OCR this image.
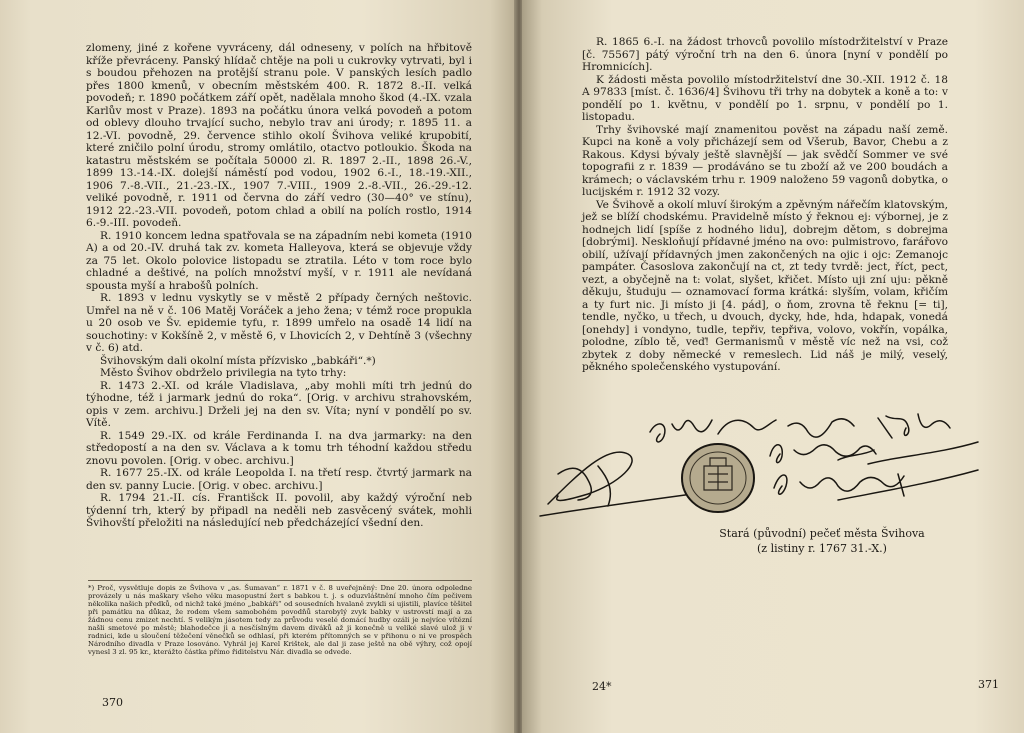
zlomeny, jiné z kořene vyvráceny, dál odneseny, v polích na hřbitově kříže převráceny. Panský hlídač chtěje na poli u cukrovky vytrvati, byl i s boudou přehozen na protější stranu pole. V panských lesích padlo přes 1800 kmenů, v obecním městském 400. R. 1872 8.-II. velká povodeň; r. 1890 počátkem září opět, nadělala mnoho škod (4.-IX. vzala Karlův most v Praze). 1893 na počátku února velká povodeň a potom od oblevy dlouho trvající sucho, nebylo trav ani úrody; r. 1895 11. a 12.-VI. povodně, 29. července stihlo okolí Švihova veliké krupobití, které zničilo polní úrodu, stromy omlátilo, otactvo potloukio. Škoda na katastru městském se počítala 50000 zl. R. 1897 2.-II., 1898 26.-V., 1899 13.-14.-IX. dolejší náměstí pod vodou, 1902 6.-I., 18.-19.-XII., 1906 7.-8.-VII., 21.-23.-IX., 1907 7.-VIII., 1909 2.-8.-VII., 26.-29.-12. veliké povodně, r. 1911 od června do září vedro (30—40° ve stínu), 1912 22.-23.-VII. povodeň, potom chlad a obilí na polích rostlo, 1914 6.-9.-III. povodeň.

R. 1910 koncem ledna spatřovala se na západním nebi kometa (1910 A) a od 20.-IV. druhá tak zv. kometa Halleyova, která se objevuje vždy za 75 let. Okolo polovice listopadu se ztratila. Léto v tom roce bylo chladné a deštivé, na polích množství myší, v r. 1911 ale nevídaná spousta myší a hrabošů polních.

R. 1893 v lednu vyskytly se v městě 2 případy černých neštovic. Umřel na ně v č. 106 Matěj Voráček a jeho žena; v témž roce propukla u 20 osob ve Šv. epidemie tyfu, r. 1899 umřelo na osadě 14 lidí na souchotiny: v Kokšíně 2, v městě 6, v Lhovicích 2, v Dehtíně 3 (všechny v č. 6) atd.

Švihovským dali okolní místa přízvisko „babkáři“.*)

Město Švihov obdrželo privilegia na tyto trhy:

R. 1473 2.-XI. od krále Vladislava, „aby mohli míti trh jednú do týhodne, též i jarmark jednú do roka“. [Orig. v archivu strahovském, opis v zem. archivu.] Drželi jej na den sv. Víta; nyní v pondělí po sv. Vítě.

R. 1549 29.-IX. od krále Ferdinanda I. na dva jarmarky: na den středopostí a na den sv. Václava a k tomu trh téhodní každou středu znovu povolen. [Orig. v obec. archivu.]

R. 1677 25.-IX. od krále Leopolda I. na třetí resp. čtvrtý jarmark na den sv. panny Lucie. [Orig. v obec. archivu.]

R. 1794 21.-II. cís. Františck II. povolil, aby každý výroční neb týdenní trh, který by připadl na neděli neb zasvěcený svátek, mohli Švihovští přeložiti na následující neb předcházející všední den.

*) Proč, vysvětluje dopis ze Švihova v „as. Šumavan“ r. 1871 v č. 8 uveřejněný: Dne 20. února odpoledne provázely u nás maškary všeho věku masopustní žert s babkou t. j. s oduzvláštnění mnoho čím pečivem několika našich předků, od nichž také jméno „babkáři“ od sousedních hvalaně zvykli si ujistili, plavíce těšitel při památku na důkaz, že rodem všem samobohém povodňů starobylý zvyk babky v ustrovstí mají a za žádnou cenu zmizet nechtí. S velikým jásotem tedy za průvodu veselé domácí hudby ozáli je nejvíce vítězní našli smetové po městě; blahodečce ji a nesčíslným davem diváků až ji konečně u veliké slavé ulož ji v radnici, kde u sloučení těžečení věnečků se odhlasí, při kterém přítomných se v přihonu o ni ve prospěch Národního divadla v Praze losováno. Vyhrál jej Karel Krištek, ale dal ji zase ještě na obě výhry, což opojí vynesl 3 zl. 95 kr., kterážto částka přímo řiditelstvu Nár. divadla se odvede.
370

R. 1865 6.-I. na žádost trhovců povolilo místodržitelství v Praze [č. 75567] pátý výroční trh na den 6. února [nyní v pondělí po Hromnicích].

K žádosti města povolilo místodržitelství dne 30.-XII. 1912 č. 18 A 97833 [míst. č. 1636/4] Švihovu tři trhy na dobytek a koně a to: v pondělí po 1. květnu, v pondělí po 1. srpnu, v pondělí po 1. listopadu.

Trhy švihovské mají znamenitou pověst na západu naší země. Kupci na koně a voly přicházejí sem od Všerub, Bavor, Chebu a z Rakous. Kdysi bývaly ještě slavnější — jak svědčí Sommer ve své topografii z r. 1839 — prodáváno se tu zboží až ve 200 boudách a krámech; o václavském trhu r. 1909 naloženo 59 vagonů dobytka, o lucijském r. 1912 32 vozy.

Ve Švihově a okolí mluví širokým a zpěvným nářečím klatovským, jež se blíží chodskému. Pravidelně místo ý řeknou ej: výbornej, je z hodnejch lidí [spíše z hodného lidu], dobrejm dětom, s dobrejma [dobrými]. Neskloňují přídavné jméno na ovo: pulmistrovo, farářovo obilí, užívají přídavných jmen zakončených na ojic i ojc: Zemanojc pampáter. Časoslova zakončují na ct, zt tedy tvrdě: ject, říct, pect, vezt, a obyčejně na t: volat, slyšet, křičet. Místo uji zní uju: pěkně děkuju, študuju — oznamovací forma krátká: slyším, volam, křičím a ty furt nic. Ji místo ji [4. pád], o ňom, zrovna tě řeknu [= ti], tendle, nyčko, u třech, u dvouch, dycky, hde, hda, hdapak, vonedá [onehdy] i vondyno, tudle, tepřiv, tepřiva, volovo, vokřín, vopálka, polodne, zíblo tě, veď! Germanismů v městě víc než na vsi, což zbytek z doby německé v remeslech. Lid náš je milý, veselý, pěkného společenského vystupování.

Stará (původní) pečeť města Švihova
(z listiny r. 1767 31.-X.)
24*	371
